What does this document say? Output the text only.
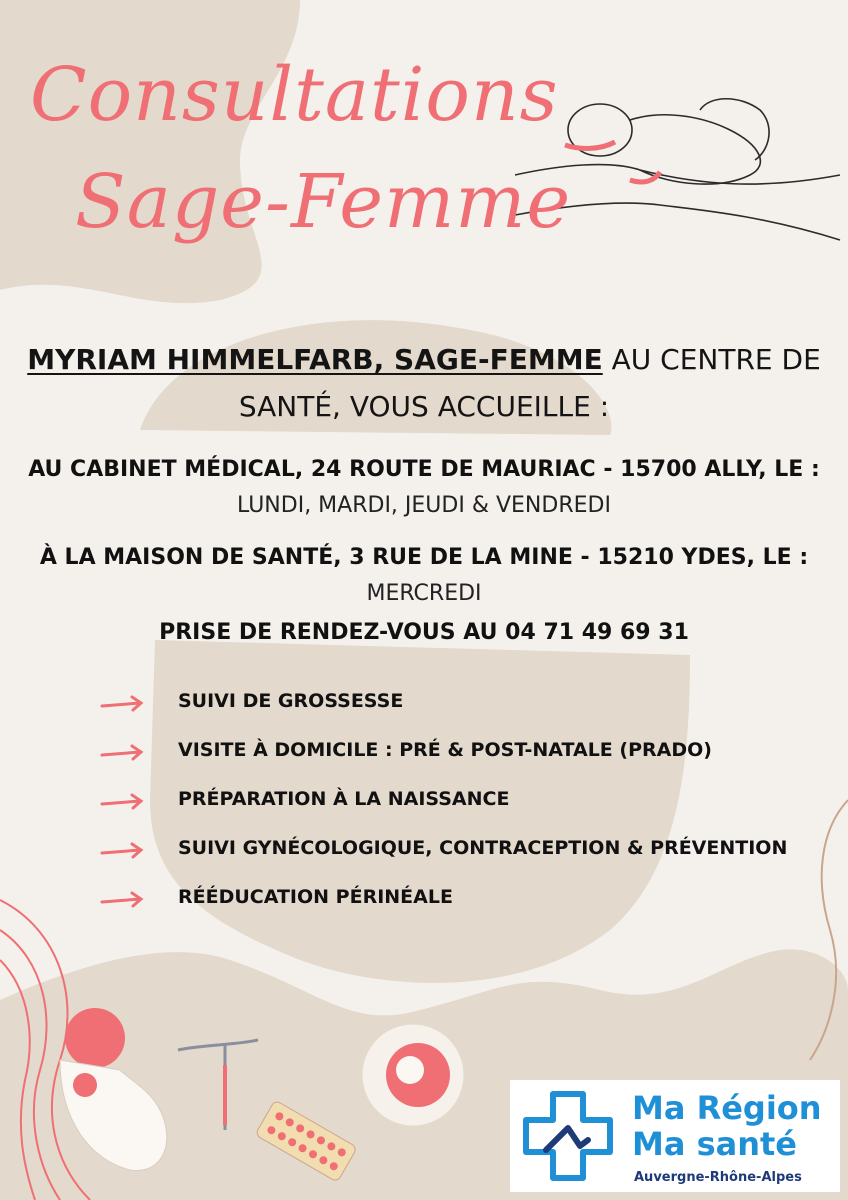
Consultations
Sage-Femme
MYRIAM HIMMELFARB, SAGE-FEMME AU CENTRE DE
SANTÉ, VOUS ACCUEILLE :
AU CABINET MÉDICAL, 24 ROUTE DE MAURIAC - 15700 ALLY, LE :
LUNDI, MARDI, JEUDI & VENDREDI
À LA MAISON DE SANTÉ, 3 RUE DE LA MINE - 15210 YDES, LE :
MERCREDI
PRISE DE RENDEZ-VOUS AU 04 71 49 69 31
SUIVI DE GROSSESSE
VISITE À DOMICILE : PRÉ & POST-NATALE (PRADO)
PRÉPARATION À LA NAISSANCE
SUIVI GYNÉCOLOGIQUE, CONTRACEPTION & PRÉVENTION
RÉÉDUCATION PÉRINÉALE
Ma Région
Ma santé
Auvergne-Rhône-Alpes
